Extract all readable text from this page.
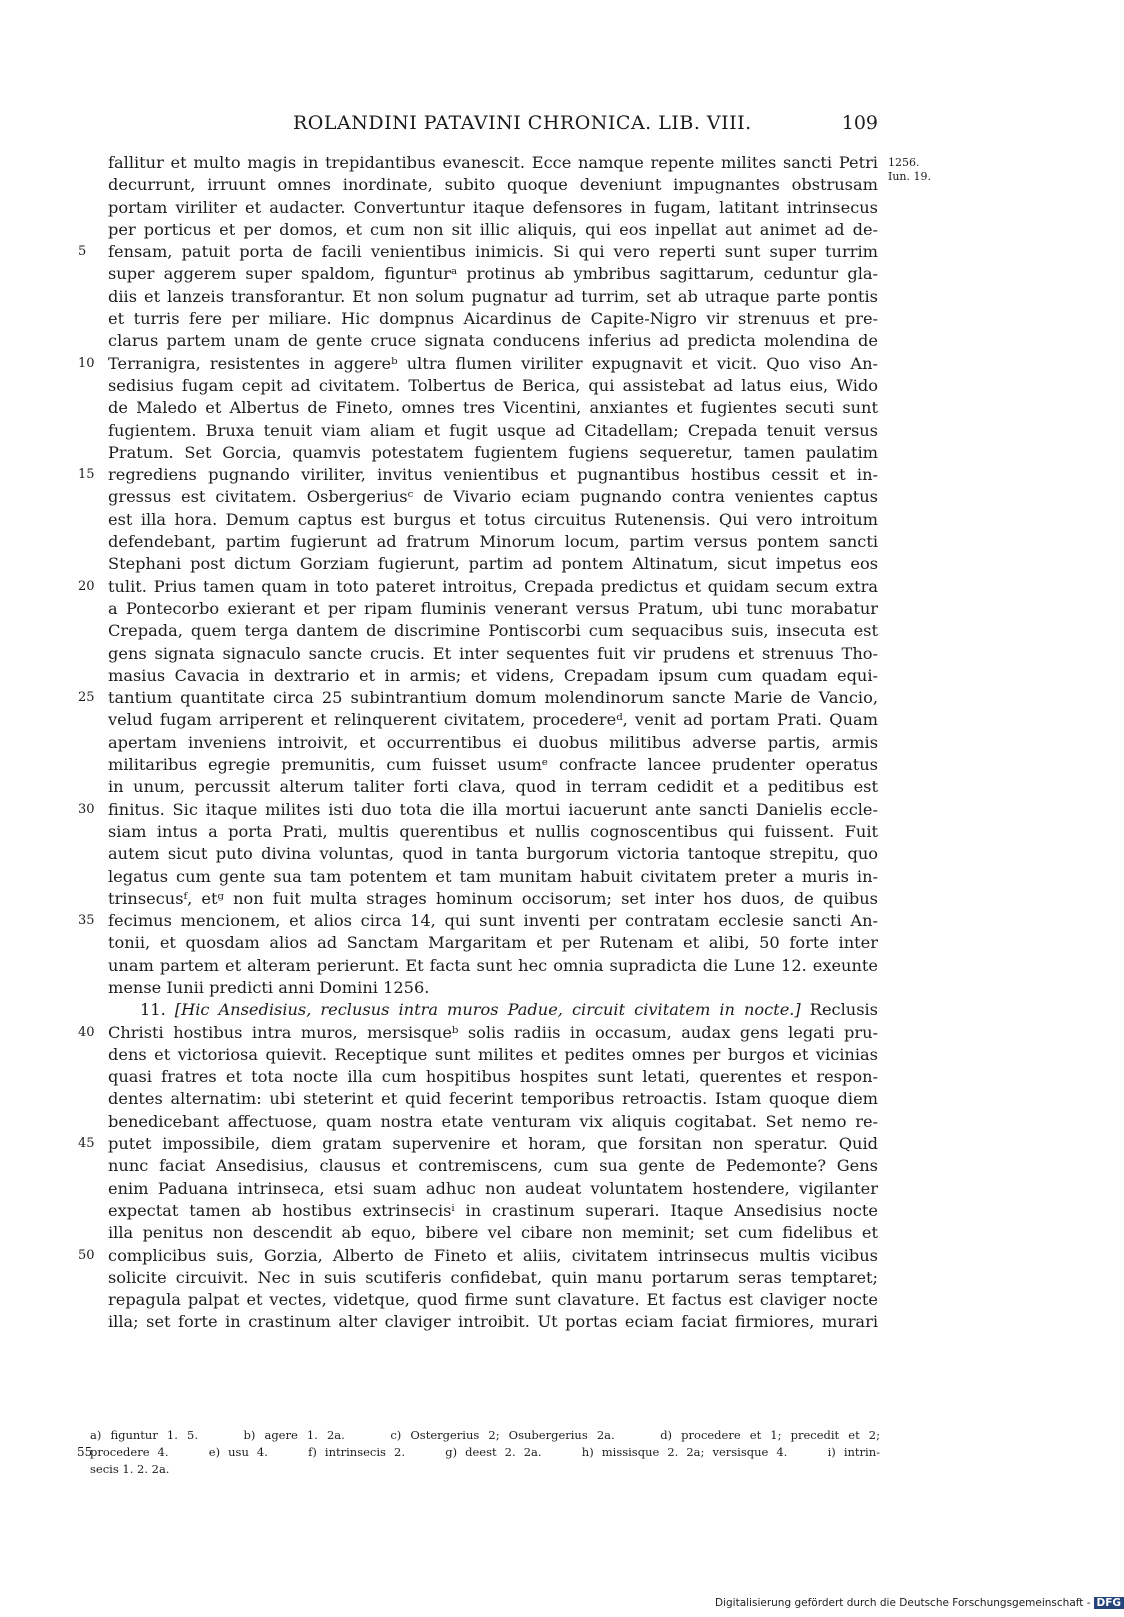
ROLANDINI PATAVINI CHRONICA. LIB. VIII.	109
1256.
Iun. 19.
fallitur et multo magis in trepidantibus evanescit. Ecce namque repente milites sancti Petri
decurrunt, irruunt omnes inordinate, subito quoque deveniunt impugnantes obstrusam
portam viriliter et audacter. Convertuntur itaque defensores in fugam, latitant intrinsecus
per porticus et per domos, et cum non sit illic aliquis, qui eos inpellat aut animet ad de-
5	fensam, patuit porta de facili venientibus inimicis. Si qui vero reperti sunt super turrim
super aggerem super spaldom, figunturᵃ protinus ab ymbribus sagittarum, ceduntur gla-
diis et lanzeis transforantur. Et non solum pugnatur ad turrim, set ab utraque parte pontis
et turris fere per miliare. Hic dompnus Aicardinus de Capite-Nigro vir strenuus et pre-
clarus partem unam de gente cruce signata conducens inferius ad predicta molendina de
10 Terranigra, resistentes in aggereᵇ ultra flumen viriliter expugnavit et vicit. Quo viso An-
sedisius fugam cepit ad civitatem. Tolbertus de Berica, qui assistebat ad latus eius, Wido
de Maledo et Albertus de Fineto, omnes tres Vicentini, anxiantes et fugientes secuti sunt
fugientem. Bruxa tenuit viam aliam et fugit usque ad Citadellam; Crepada tenuit versus
Pratum. Set Gorcia, quamvis potestatem fugientem fugiens sequeretur, tamen paulatim
15 regrediens pugnando viriliter, invitus venientibus et pugnantibus hostibus cessit et in-
gressus est civitatem. Osbergeriusᶜ de Vivario eciam pugnando contra venientes captus
est illa hora. Demum captus est burgus et totus circuitus Rutenensis. Qui vero introitum
defendebant, partim fugierunt ad fratrum Minorum locum, partim versus pontem sancti
Stephani post dictum Gorziam fugierunt, partim ad pontem Altinatum, sicut impetus eos
20 tulit. Prius tamen quam in toto pateret introitus, Crepada predictus et quidam secum extra
a Pontecorbo exierant et per ripam fluminis venerant versus Pratum, ubi tunc morabatur
Crepada, quem terga dantem de discrimine Pontiscorbi cum sequacibus suis, insecuta est
gens signata signaculo sancte crucis. Et inter sequentes fuit vir prudens et strenuus Tho-
masius Cavacia in dextrario et in armis; et videns, Crepadam ipsum cum quadam equi-
25 tantium quantitate circa 25 subintrantium domum molendinorum sancte Marie de Vancio,
velud fugam arriperent et relinquerent civitatem, procedereᵈ, venit ad portam Prati. Quam
apertam inveniens introivit, et occurrentibus ei duobus militibus adverse partis, armis
militaribus egregie premunitis, cum fuisset usumᵉ confracte lancee prudenter operatus
in unum, percussit alterum taliter forti clava, quod in terram cedidit et a peditibus est
30 finitus. Sic itaque milites isti duo tota die illa mortui iacuerunt ante sancti Danielis eccle-
siam intus a porta Prati, multis querentibus et nullis cognoscentibus qui fuissent. Fuit
autem sicut puto divina voluntas, quod in tanta burgorum victoria tantoque strepitu, quo
legatus cum gente sua tam potentem et tam munitam habuit civitatem preter a muris in-
trinsecusᶠ, etᵍ non fuit multa strages hominum occisorum; set inter hos duos, de quibus
35 fecimus mencionem, et alios circa 14, qui sunt inventi per contratam ecclesie sancti An-
tonii, et quosdam alios ad Sanctam Margaritam et per Rutenam et alibi, 50 forte inter
unam partem et alteram perierunt. Et facta sunt hec omnia supradicta die Lune 12. exeunte
mense Iunii predicti anni Domini 1256.
11. [Hic Ansedisius, reclusus intra muros Padue, circuit civitatem in nocte.] Reclusis
40 Christi hostibus intra muros, mersisqueᵇ solis radiis in occasum, audax gens legati pru-
dens et victoriosa quievit. Receptique sunt milites et pedites omnes per burgos et vicinias
quasi fratres et tota nocte illa cum hospitibus hospites sunt letati, querentes et respon-
dentes alternatim: ubi steterint et quid fecerint temporibus retroactis. Istam quoque diem
benedicebant affectuose, quam nostra etate venturam vix aliquis cogitabat. Set nemo re-
45 putet impossibile, diem gratam supervenire et horam, que forsitan non speratur. Quid
nunc faciat Ansedisius, clausus et contremiscens, cum sua gente de Pedemonte? Gens
enim Paduana intrinseca, etsi suam adhuc non audeat voluntatem hostendere, vigilanter
expectat tamen ab hostibus extrinsecisⁱ in crastinum superari. Itaque Ansedisius nocte
illa penitus non descendit ab equo, bibere vel cibare non meminit; set cum fidelibus et
50 complicibus suis, Gorzia, Alberto de Fineto et aliis, civitatem intrinsecus multis vicibus
solicite circuivit. Nec in suis scutiferis confidebat, quin manu portarum seras temptaret;
repagula palpat et vectes, videtque, quod firme sunt clavature. Et factus est claviger nocte
illa; set forte in crastinum alter claviger introibit. Ut portas eciam faciat firmiores, murari
a) figuntur 1. 5.     b) agere 1. 2a.     c) Ostergerius 2; Osubergerius 2a.     d) procedere et 1; precedit et 2;
55
procedere 4.     e) usu 4.     f) intrinsecis 2.     g) deest 2. 2a.     h) missisque 2. 2a; versisque 4.     i) intrin-
secis 1. 2. 2a.
Digitalisierung gefördert durch die Deutsche Forschungsgemeinschaft - DFG
